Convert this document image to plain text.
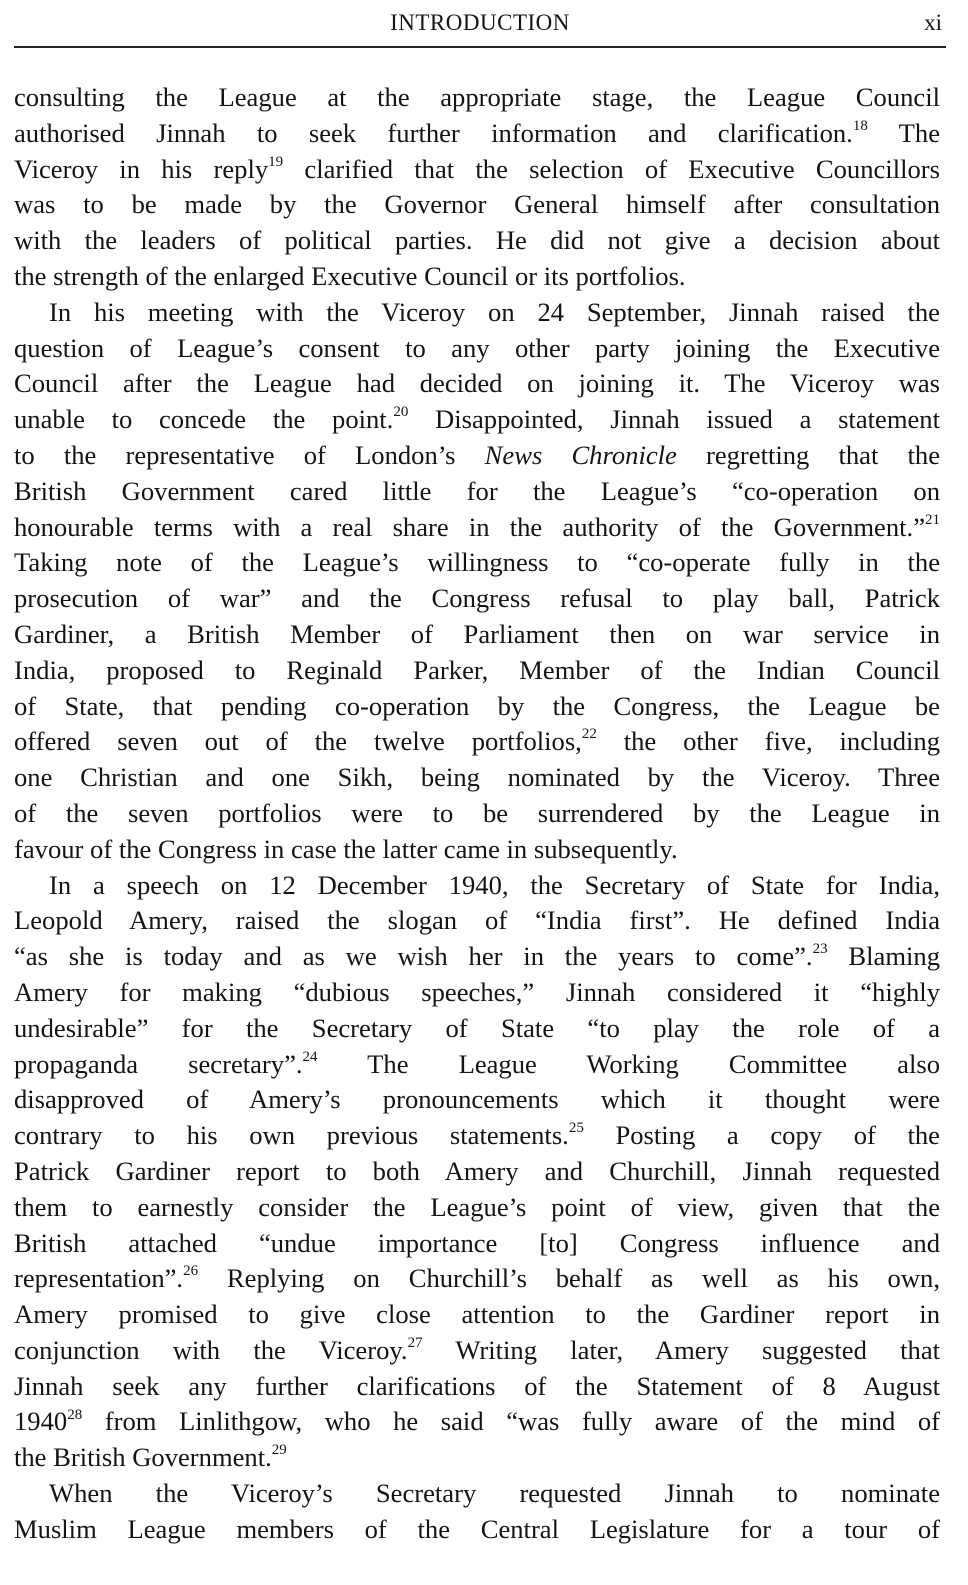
INTRODUCTION	xi
consulting the League at the appropriate stage, the League Council
authorised Jinnah to seek further information and clarification.$^{18}$ The
Viceroy in his reply$^{19}$ clarified that the selection of Executive Councillors
was to be made by the Governor General himself after consultation
with the leaders of political parties. He did not give a decision about
the strength of the enlarged Executive Council or its portfolios.
In his meeting with the Viceroy on 24 September, Jinnah raised the
question of League’s consent to any other party joining the Executive
Council after the League had decided on joining it. The Viceroy was
unable to concede the point.$^{20}$ Disappointed, Jinnah issued a statement
to the representative of London’s News Chronicle regretting that the
British Government cared little for the League’s “co-operation on
honourable terms with a real share in the authority of the Government.”$^{21}$
Taking note of the League’s willingness to “co-operate fully in the
prosecution of war” and the Congress refusal to play ball, Patrick
Gardiner, a British Member of Parliament then on war service in
India, proposed to Reginald Parker, Member of the Indian Council
of State, that pending co-operation by the Congress, the League be
offered seven out of the twelve portfolios,$^{22}$ the other five, including
one Christian and one Sikh, being nominated by the Viceroy. Three
of the seven portfolios were to be surrendered by the League in
favour of the Congress in case the latter came in subsequently.
In a speech on 12 December 1940, the Secretary of State for India,
Leopold Amery, raised the slogan of “India first”. He defined India
“as she is today and as we wish her in the years to come”.$^{23}$ Blaming
Amery for making “dubious speeches,” Jinnah considered it “highly
undesirable” for the Secretary of State “to play the role of a
propaganda secretary”.$^{24}$ The League Working Committee also
disapproved of Amery’s pronouncements which it thought were
contrary to his own previous statements.$^{25}$ Posting a copy of the
Patrick Gardiner report to both Amery and Churchill, Jinnah requested
them to earnestly consider the League’s point of view, given that the
British attached “undue importance [to] Congress influence and
representation”.$^{26}$ Replying on Churchill’s behalf as well as his own,
Amery promised to give close attention to the Gardiner report in
conjunction with the Viceroy.$^{27}$ Writing later, Amery suggested that
Jinnah seek any further clarifications of the Statement of 8 August
1940$^{28}$ from Linlithgow, who he said “was fully aware of the mind of
the British Government.$^{29}$
When the Viceroy’s Secretary requested Jinnah to nominate
Muslim League members of the Central Legislature for a tour of
